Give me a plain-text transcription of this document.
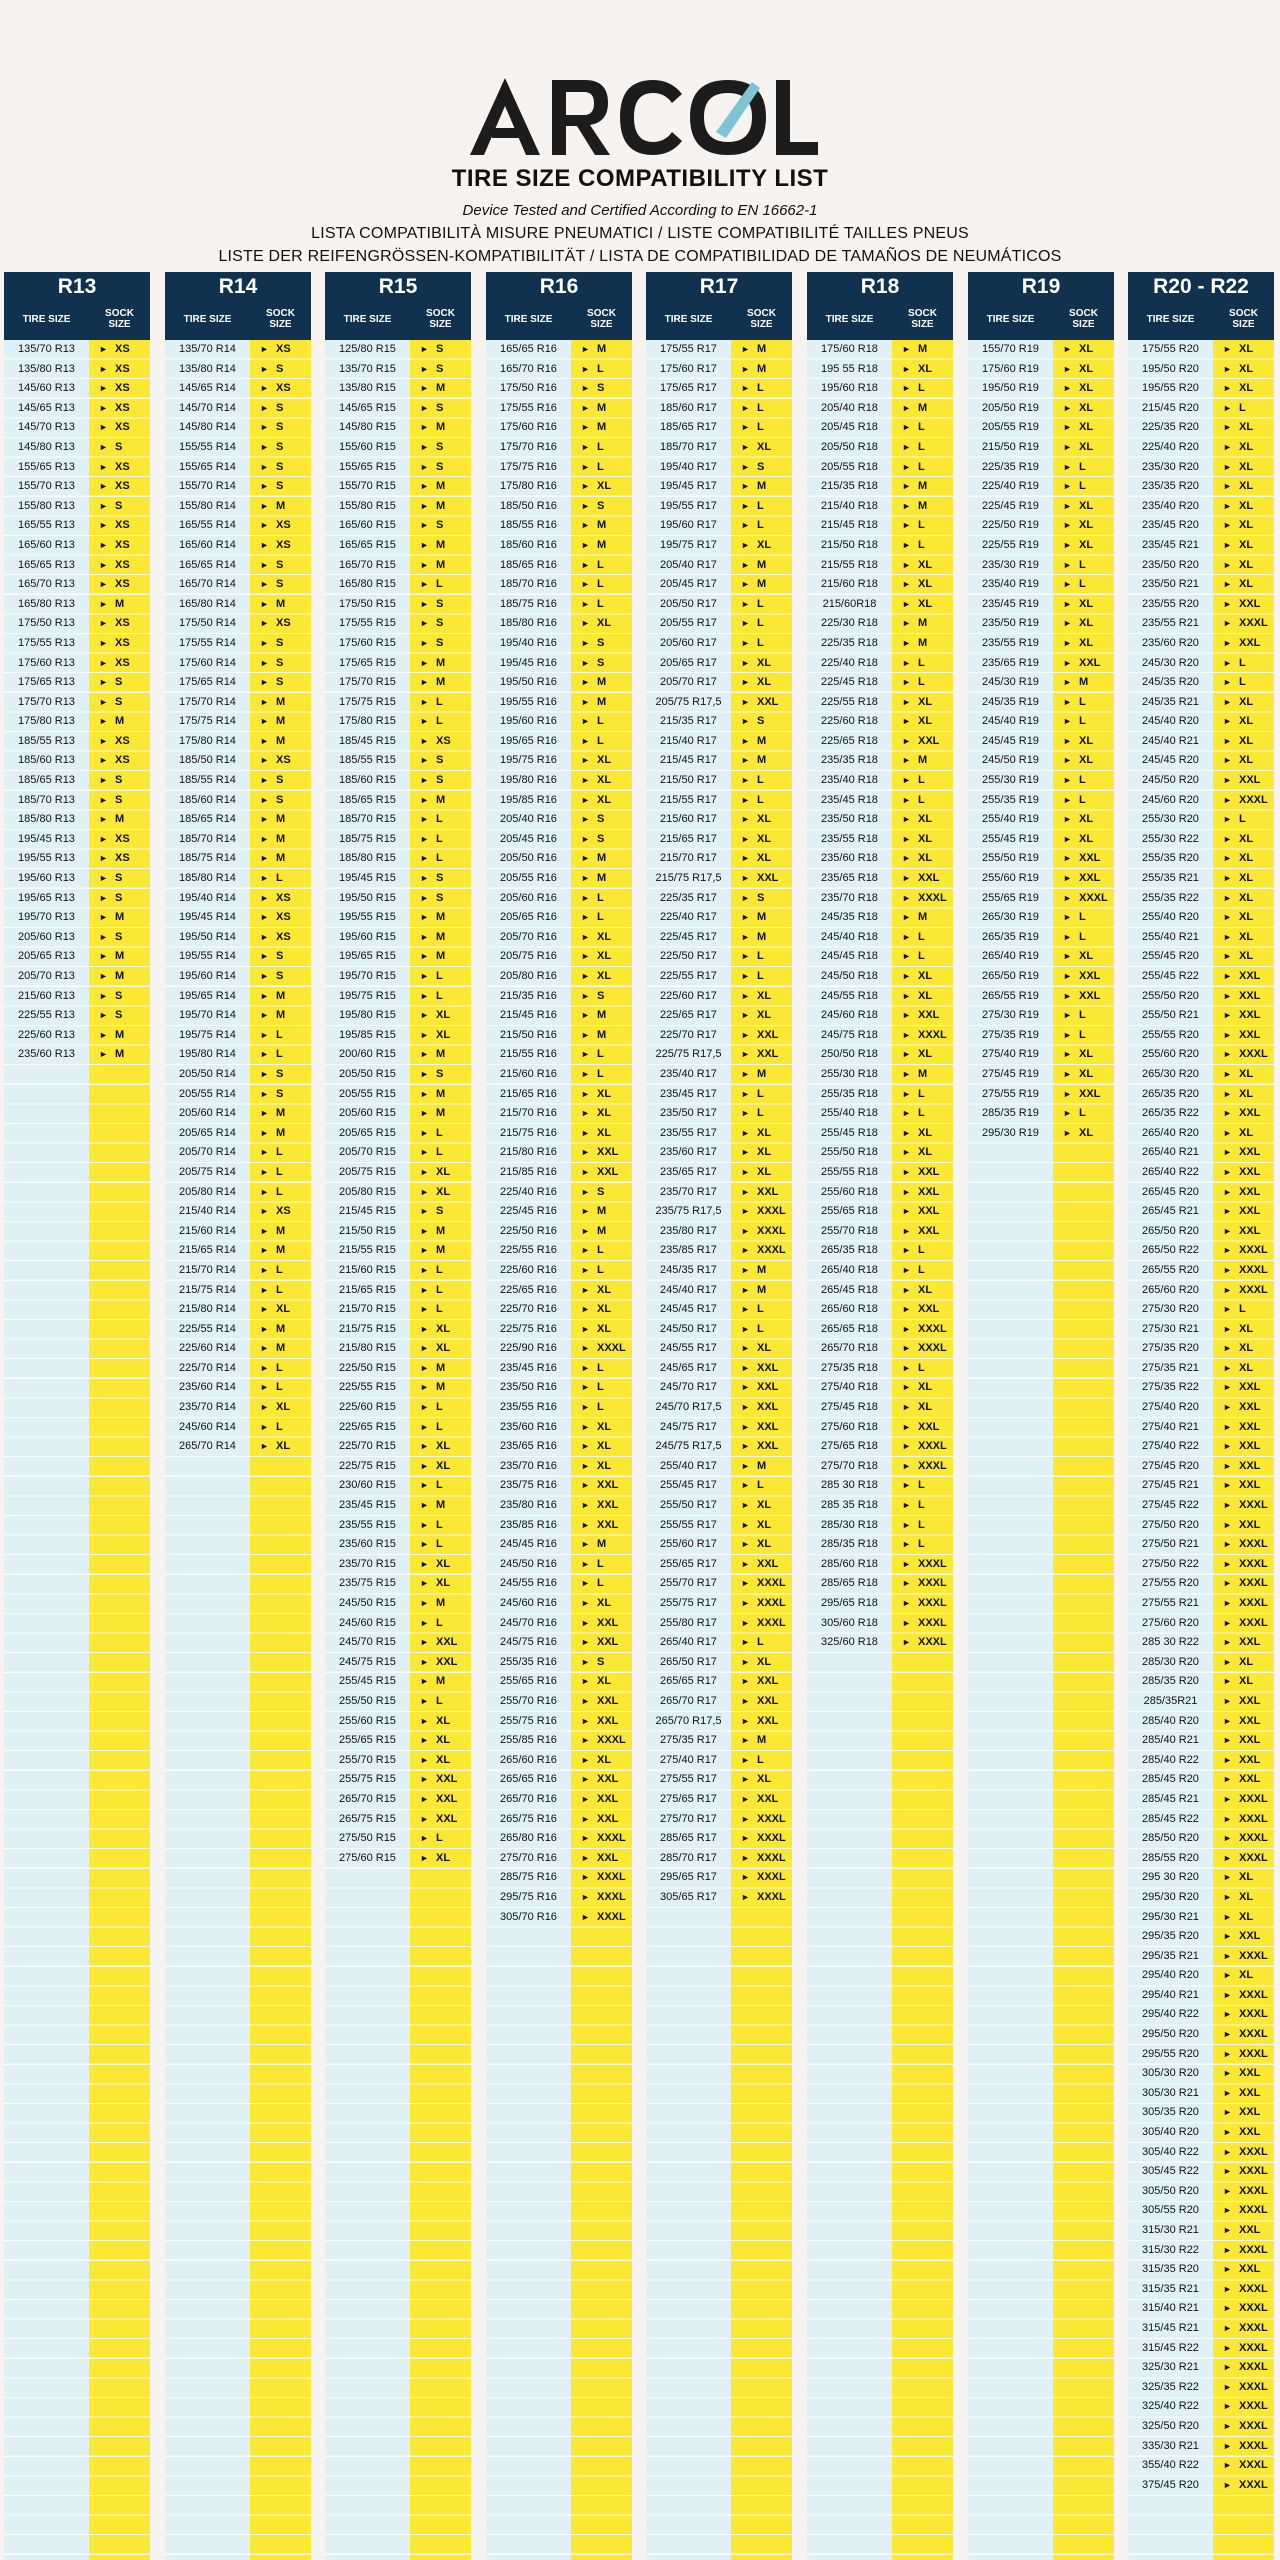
TIRE SIZE COMPATIBILITY LIST
Device Tested and Certified According to EN 16662-1
LISTA COMPATIBILITÀ MISURE PNEUMATICI / LISTE COMPATIBILITÉ TAILLES PNEUS
LISTE DER REIFENGRÖSSEN-KOMPATIBILITÄT / LISTA DE COMPATIBILIDAD DE TAMAÑOS DE NEUMÁTICOS
R13
TIRE SIZE
SOCK
SIZE
135/70 R13	► XS
135/80 R13	► XS
145/60 R13	► XS
145/65 R13	► XS
145/70 R13	► XS
145/80 R13	► S
155/65 R13	► XS
155/70 R13	► XS
155/80 R13	► S
165/55 R13	► XS
165/60 R13	► XS
165/65 R13	► XS
165/70 R13	► XS
165/80 R13	► M
175/50 R13	► XS
175/55 R13	► XS
175/60 R13	► XS
175/65 R13	► S
175/70 R13	► S
175/80 R13	► M
185/55 R13	► XS
185/60 R13	► XS
185/65 R13	► S
185/70 R13	► S
185/80 R13	► M
195/45 R13	► XS
195/55 R13	► XS
195/60 R13	► S
195/65 R13	► S
195/70 R13	► M
205/60 R13	► S
205/65 R13	► M
205/70 R13	► M
215/60 R13	► S
225/55 R13	► S
225/60 R13	► M
235/60 R13	► M
R14
TIRE SIZE
SOCK
SIZE
135/70 R14	► XS
135/80 R14	► S
145/65 R14	► XS
145/70 R14	► S
145/80 R14	► S
155/55 R14	► S
155/65 R14	► S
155/70 R14	► S
155/80 R14	► M
165/55 R14	► XS
165/60 R14	► XS
165/65 R14	► S
165/70 R14	► S
165/80 R14	► M
175/50 R14	► XS
175/55 R14	► S
175/60 R14	► S
175/65 R14	► S
175/70 R14	► M
175/75 R14	► M
175/80 R14	► M
185/50 R14	► XS
185/55 R14	► S
185/60 R14	► S
185/65 R14	► M
185/70 R14	► M
185/75 R14	► M
185/80 R14	► L
195/40 R14	► XS
195/45 R14	► XS
195/50 R14	► XS
195/55 R14	► S
195/60 R14	► S
195/65 R14	► M
195/70 R14	► M
195/75 R14	► L
195/80 R14	► L
205/50 R14	► S
205/55 R14	► S
205/60 R14	► M
205/65 R14	► M
205/70 R14	► L
205/75 R14	► L
205/80 R14	► L
215/40 R14	► XS
215/60 R14	► M
215/65 R14	► M
215/70 R14	► L
215/75 R14	► L
215/80 R14	► XL
225/55 R14	► M
225/60 R14	► M
225/70 R14	► L
235/60 R14	► L
235/70 R14	► XL
245/60 R14	► L
265/70 R14	► XL
R15
TIRE SIZE
SOCK
SIZE
125/80 R15	► S
135/70 R15	► S
135/80 R15	► M
145/65 R15	► S
145/80 R15	► M
155/60 R15	► S
155/65 R15	► S
155/70 R15	► M
155/80 R15	► M
165/60 R15	► S
165/65 R15	► M
165/70 R15	► M
165/80 R15	► L
175/50 R15	► S
175/55 R15	► S
175/60 R15	► S
175/65 R15	► M
175/70 R15	► M
175/75 R15	► L
175/80 R15	► L
185/45 R15	► XS
185/55 R15	► S
185/60 R15	► S
185/65 R15	► M
185/70 R15	► L
185/75 R15	► L
185/80 R15	► L
195/45 R15	► S
195/50 R15	► S
195/55 R15	► M
195/60 R15	► M
195/65 R15	► M
195/70 R15	► L
195/75 R15	► L
195/80 R15	► XL
195/85 R15	► XL
200/60 R15	► M
205/50 R15	► S
205/55 R15	► M
205/60 R15	► M
205/65 R15	► L
205/70 R15	► L
205/75 R15	► XL
205/80 R15	► XL
215/45 R15	► S
215/50 R15	► M
215/55 R15	► M
215/60 R15	► L
215/65 R15	► L
215/70 R15	► L
215/75 R15	► XL
215/80 R15	► XL
225/50 R15	► M
225/55 R15	► M
225/60 R15	► L
225/65 R15	► L
225/70 R15	► XL
225/75 R15	► XL
230/60 R15	► L
235/45 R15	► M
235/55 R15	► L
235/60 R15	► L
235/70 R15	► XL
235/75 R15	► XL
245/50 R15	► M
245/60 R15	► L
245/70 R15	► XXL
245/75 R15	► XXL
255/45 R15	► M
255/50 R15	► L
255/60 R15	► XL
255/65 R15	► XL
255/70 R15	► XL
255/75 R15	► XXL
265/70 R15	► XXL
265/75 R15	► XXL
275/50 R15	► L
275/60 R15	► XL
R16
TIRE SIZE
SOCK
SIZE
165/65 R16	► M
165/70 R16	► L
175/50 R16	► S
175/55 R16	► M
175/60 R16	► M
175/70 R16	► L
175/75 R16	► L
175/80 R16	► XL
185/50 R16	► S
185/55 R16	► M
185/60 R16	► M
185/65 R16	► L
185/70 R16	► L
185/75 R16	► L
185/80 R16	► XL
195/40 R16	► S
195/45 R16	► S
195/50 R16	► M
195/55 R16	► M
195/60 R16	► L
195/65 R16	► L
195/75 R16	► XL
195/80 R16	► XL
195/85 R16	► XL
205/40 R16	► S
205/45 R16	► S
205/50 R16	► M
205/55 R16	► M
205/60 R16	► L
205/65 R16	► L
205/70 R16	► XL
205/75 R16	► XL
205/80 R16	► XL
215/35 R16	► S
215/45 R16	► M
215/50 R16	► M
215/55 R16	► L
215/60 R16	► L
215/65 R16	► XL
215/70 R16	► XL
215/75 R16	► XL
215/80 R16	► XXL
215/85 R16	► XXL
225/40 R16	► S
225/45 R16	► M
225/50 R16	► M
225/55 R16	► L
225/60 R16	► L
225/65 R16	► XL
225/70 R16	► XL
225/75 R16	► XL
225/90 R16	► XXXL
235/45 R16	► L
235/50 R16	► L
235/55 R16	► L
235/60 R16	► XL
235/65 R16	► XL
235/70 R16	► XL
235/75 R16	► XXL
235/80 R16	► XXL
235/85 R16	► XXL
245/45 R16	► M
245/50 R16	► L
245/55 R16	► L
245/60 R16	► XL
245/70 R16	► XXL
245/75 R16	► XXL
255/35 R16	► S
255/65 R16	► XL
255/70 R16	► XXL
255/75 R16	► XXL
255/85 R16	► XXXL
265/60 R16	► XL
265/65 R16	► XXL
265/70 R16	► XXL
265/75 R16	► XXL
265/80 R16	► XXXL
275/70 R16	► XXL
285/75 R16	► XXXL
295/75 R16	► XXXL
305/70 R16	► XXXL
R17
TIRE SIZE
SOCK
SIZE
175/55 R17	► M
175/60 R17	► M
175/65 R17	► L
185/60 R17	► L
185/65 R17	► L
185/70 R17	► XL
195/40 R17	► S
195/45 R17	► M
195/55 R17	► L
195/60 R17	► L
195/75 R17	► XL
205/40 R17	► M
205/45 R17	► M
205/50 R17	► L
205/55 R17	► L
205/60 R17	► L
205/65 R17	► XL
205/70 R17	► XL
205/75 R17,5	► XXL
215/35 R17	► S
215/40 R17	► M
215/45 R17	► M
215/50 R17	► L
215/55 R17	► L
215/60 R17	► XL
215/65 R17	► XL
215/70 R17	► XL
215/75 R17,5	► XXL
225/35 R17	► S
225/40 R17	► M
225/45 R17	► M
225/50 R17	► L
225/55 R17	► L
225/60 R17	► XL
225/65 R17	► XL
225/70 R17	► XXL
225/75 R17,5	► XXL
235/40 R17	► M
235/45 R17	► L
235/50 R17	► L
235/55 R17	► XL
235/60 R17	► XL
235/65 R17	► XL
235/70 R17	► XXL
235/75 R17,5	► XXXL
235/80 R17	► XXXL
235/85 R17	► XXXL
245/35 R17	► M
245/40 R17	► M
245/45 R17	► L
245/50 R17	► L
245/55 R17	► XL
245/65 R17	► XXL
245/70 R17	► XXL
245/70 R17,5	► XXL
245/75 R17	► XXL
245/75 R17,5	► XXL
255/40 R17	► M
255/45 R17	► L
255/50 R17	► XL
255/55 R17	► XL
255/60 R17	► XL
255/65 R17	► XXL
255/70 R17	► XXXL
255/75 R17	► XXXL
255/80 R17	► XXXL
265/40 R17	► L
265/50 R17	► XL
265/65 R17	► XXL
265/70 R17	► XXL
265/70 R17,5	► XXL
275/35 R17	► M
275/40 R17	► L
275/55 R17	► XL
275/65 R17	► XXL
275/70 R17	► XXXL
285/65 R17	► XXXL
285/70 R17	► XXXL
295/65 R17	► XXXL
305/65 R17	► XXXL
R18
TIRE SIZE
SOCK
SIZE
175/60 R18	► M
195 55 R18	► XL
195/60 R18	► L
205/40 R18	► M
205/45 R18	► L
205/50 R18	► L
205/55 R18	► L
215/35 R18	► M
215/40 R18	► M
215/45 R18	► L
215/50 R18	► L
215/55 R18	► XL
215/60 R18	► XL
215/60R18	► XL
225/30 R18	► M
225/35 R18	► M
225/40 R18	► L
225/45 R18	► L
225/55 R18	► XL
225/60 R18	► XL
225/65 R18	► XXL
235/35 R18	► M
235/40 R18	► L
235/45 R18	► L
235/50 R18	► XL
235/55 R18	► XL
235/60 R18	► XL
235/65 R18	► XXL
235/70 R18	► XXXL
245/35 R18	► M
245/40 R18	► L
245/45 R18	► L
245/50 R18	► XL
245/55 R18	► XL
245/60 R18	► XXL
245/75 R18	► XXXL
250/50 R18	► XL
255/30 R18	► M
255/35 R18	► L
255/40 R18	► L
255/45 R18	► XL
255/50 R18	► XL
255/55 R18	► XXL
255/60 R18	► XXL
255/65 R18	► XXL
255/70 R18	► XXL
265/35 R18	► L
265/40 R18	► L
265/45 R18	► XL
265/60 R18	► XXL
265/65 R18	► XXXL
265/70 R18	► XXXL
275/35 R18	► L
275/40 R18	► XL
275/45 R18	► XL
275/60 R18	► XXL
275/65 R18	► XXXL
275/70 R18	► XXXL
285 30 R18	► L
285 35 R18	► L
285/30 R18	► L
285/35 R18	► L
285/60 R18	► XXXL
285/65 R18	► XXXL
295/65 R18	► XXXL
305/60 R18	► XXXL
325/60 R18	► XXXL
R19
TIRE SIZE
SOCK
SIZE
155/70 R19	► XL
175/60 R19	► XL
195/50 R19	► XL
205/50 R19	► XL
205/55 R19	► XL
215/50 R19	► XL
225/35 R19	► L
225/40 R19	► L
225/45 R19	► XL
225/50 R19	► XL
225/55 R19	► XL
235/30 R19	► L
235/40 R19	► L
235/45 R19	► XL
235/50 R19	► XL
235/55 R19	► XL
235/65 R19	► XXL
245/30 R19	► M
245/35 R19	► L
245/40 R19	► L
245/45 R19	► XL
245/50 R19	► XL
255/30 R19	► L
255/35 R19	► L
255/40 R19	► XL
255/45 R19	► XL
255/50 R19	► XXL
255/60 R19	► XXL
255/65 R19	► XXXL
265/30 R19	► L
265/35 R19	► L
265/40 R19	► XL
265/50 R19	► XXL
265/55 R19	► XXL
275/30 R19	► L
275/35 R19	► L
275/40 R19	► XL
275/45 R19	► XL
275/55 R19	► XXL
285/35 R19	► L
295/30 R19	► XL
R20 - R22
TIRE SIZE
SOCK
SIZE
175/55 R20	► XL
195/50 R20	► XL
195/55 R20	► XL
215/45 R20	► L
225/35 R20	► XL
225/40 R20	► XL
235/30 R20	► XL
235/35 R20	► XL
235/40 R20	► XL
235/45 R20	► XL
235/45 R21	► XL
235/50 R20	► XL
235/50 R21	► XL
235/55 R20	► XXL
235/55 R21	► XXXL
235/60 R20	► XXL
245/30 R20	► L
245/35 R20	► L
245/35 R21	► XL
245/40 R20	► XL
245/40 R21	► XL
245/45 R20	► XL
245/50 R20	► XXL
245/60 R20	► XXXL
255/30 R20	► L
255/30 R22	► XL
255/35 R20	► XL
255/35 R21	► XL
255/35 R22	► XL
255/40 R20	► XL
255/40 R21	► XL
255/45 R20	► XL
255/45 R22	► XXL
255/50 R20	► XXL
255/50 R21	► XXL
255/55 R20	► XXL
255/60 R20	► XXXL
265/30 R20	► XL
265/35 R20	► XL
265/35 R22	► XXL
265/40 R20	► XL
265/40 R21	► XXL
265/40 R22	► XXL
265/45 R20	► XXL
265/45 R21	► XXL
265/50 R20	► XXL
265/50 R22	► XXXL
265/55 R20	► XXXL
265/60 R20	► XXXL
275/30 R20	► L
275/30 R21	► XL
275/35 R20	► XL
275/35 R21	► XL
275/35 R22	► XXL
275/40 R20	► XXL
275/40 R21	► XXL
275/40 R22	► XXL
275/45 R20	► XXL
275/45 R21	► XXL
275/45 R22	► XXXL
275/50 R20	► XXL
275/50 R21	► XXXL
275/50 R22	► XXXL
275/55 R20	► XXXL
275/55 R21	► XXXL
275/60 R20	► XXXL
285 30 R22	► XXL
285/30 R20	► XL
285/35 R20	► XL
285/35R21	► XXL
285/40 R20	► XXL
285/40 R21	► XXL
285/40 R22	► XXL
285/45 R20	► XXL
285/45 R21	► XXXL
285/45 R22	► XXXL
285/50 R20	► XXXL
285/55 R20	► XXXL
295 30 R20	► XL
295/30 R20	► XL
295/30 R21	► XL
295/35 R20	► XXL
295/35 R21	► XXXL
295/40 R20	► XL
295/40 R21	► XXXL
295/40 R22	► XXXL
295/50 R20	► XXXL
295/55 R20	► XXXL
305/30 R20	► XXL
305/30 R21	► XXL
305/35 R20	► XXL
305/40 R20	► XXL
305/40 R22	► XXXL
305/45 R22	► XXXL
305/50 R20	► XXXL
305/55 R20	► XXXL
315/30 R21	► XXL
315/30 R22	► XXXL
315/35 R20	► XXL
315/35 R21	► XXXL
315/40 R21	► XXXL
315/45 R21	► XXXL
315/45 R22	► XXXL
325/30 R21	► XXXL
325/35 R22	► XXXL
325/40 R22	► XXXL
325/50 R20	► XXXL
335/30 R21	► XXXL
355/40 R22	► XXXL
375/45 R20	► XXXL
